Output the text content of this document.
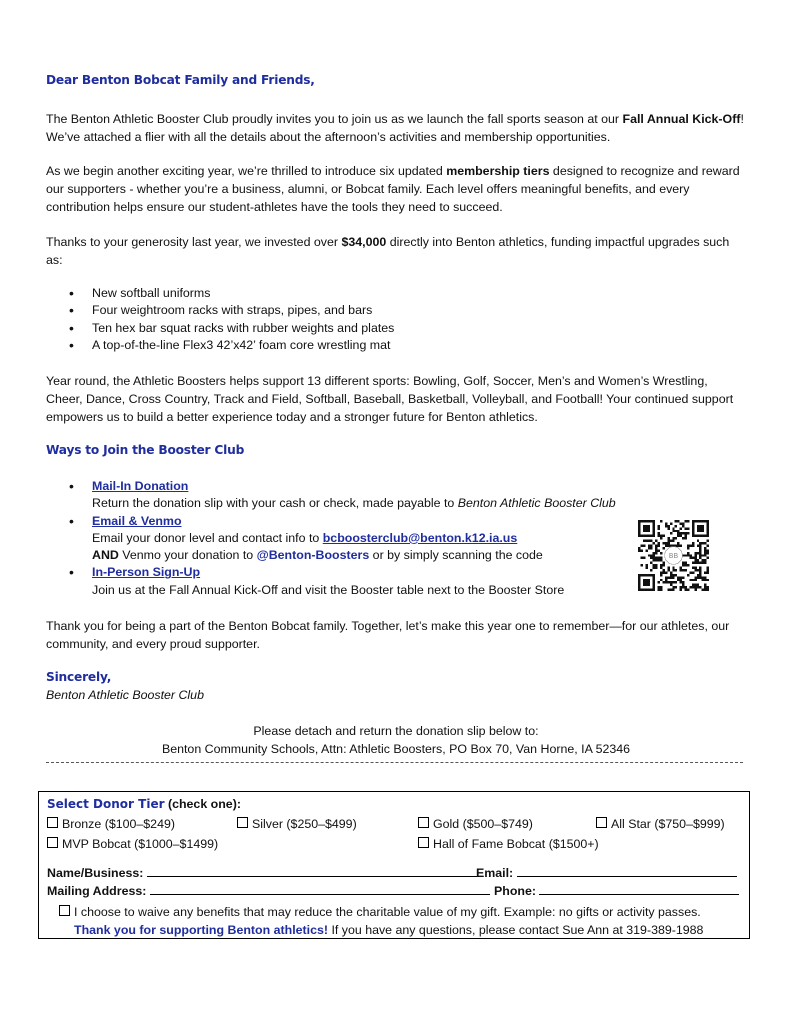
Dear Benton Bobcat Family and Friends,
The Benton Athletic Booster Club proudly invites you to join us as we launch the fall sports season at our Fall Annual Kick-Off! We’ve attached a flier with all the details about the afternoon’s activities and membership opportunities.
As we begin another exciting year, we’re thrilled to introduce six updated membership tiers designed to recognize and reward our supporters - whether you’re a business, alumni, or Bobcat family. Each level offers meaningful benefits, and every contribution helps ensure our student-athletes have the tools they need to succeed.
Thanks to your generosity last year, we invested over $34,000 directly into Benton athletics, funding impactful upgrades such as:
• New softball uniforms
• Four weightroom racks with straps, pipes, and bars
• Ten hex bar squat racks with rubber weights and plates
• A top-of-the-line Flex3 42’x42’ foam core wrestling mat
Year round, the Athletic Boosters helps support 13 different sports: Bowling, Golf, Soccer, Men’s and Women’s Wrestling, Cheer, Dance, Cross Country, Track and Field, Softball, Baseball, Basketball, Volleyball, and Football! Your continued support empowers us to build a better experience today and a stronger future for Benton athletics.
Ways to Join the Booster Club
• Mail-In Donation
Return the donation slip with your cash or check, made payable to Benton Athletic Booster Club
• Email & Venmo
Email your donor level and contact info to bcboosterclub@benton.k12.ia.us
AND Venmo your donation to @Benton-Boosters or by simply scanning the code
• In-Person Sign-Up
Join us at the Fall Annual Kick-Off and visit the Booster table next to the Booster Store
BB
Thank you for being a part of the Benton Bobcat family. Together, let’s make this year one to remember—for our athletes, our community, and every proud supporter.
Sincerely,
Benton Athletic Booster Club
Please detach and return the donation slip below to:
Benton Community Schools, Attn: Athletic Boosters, PO Box 70, Van Horne, IA 52346
Select Donor Tier (check one):
Bronze ($100–$249)	Silver ($250–$499)	Gold ($500–$749)	All Star ($750–$999)
MVP Bobcat ($1000–$1499)	Hall of Fame Bobcat ($1500+)
Name/Business:	Email:
Mailing Address:	Phone:
I choose to waive any benefits that may reduce the charitable value of my gift. Example: no gifts or activity passes.
Thank you for supporting Benton athletics! If you have any questions, please contact Sue Ann at 319-389-1988
